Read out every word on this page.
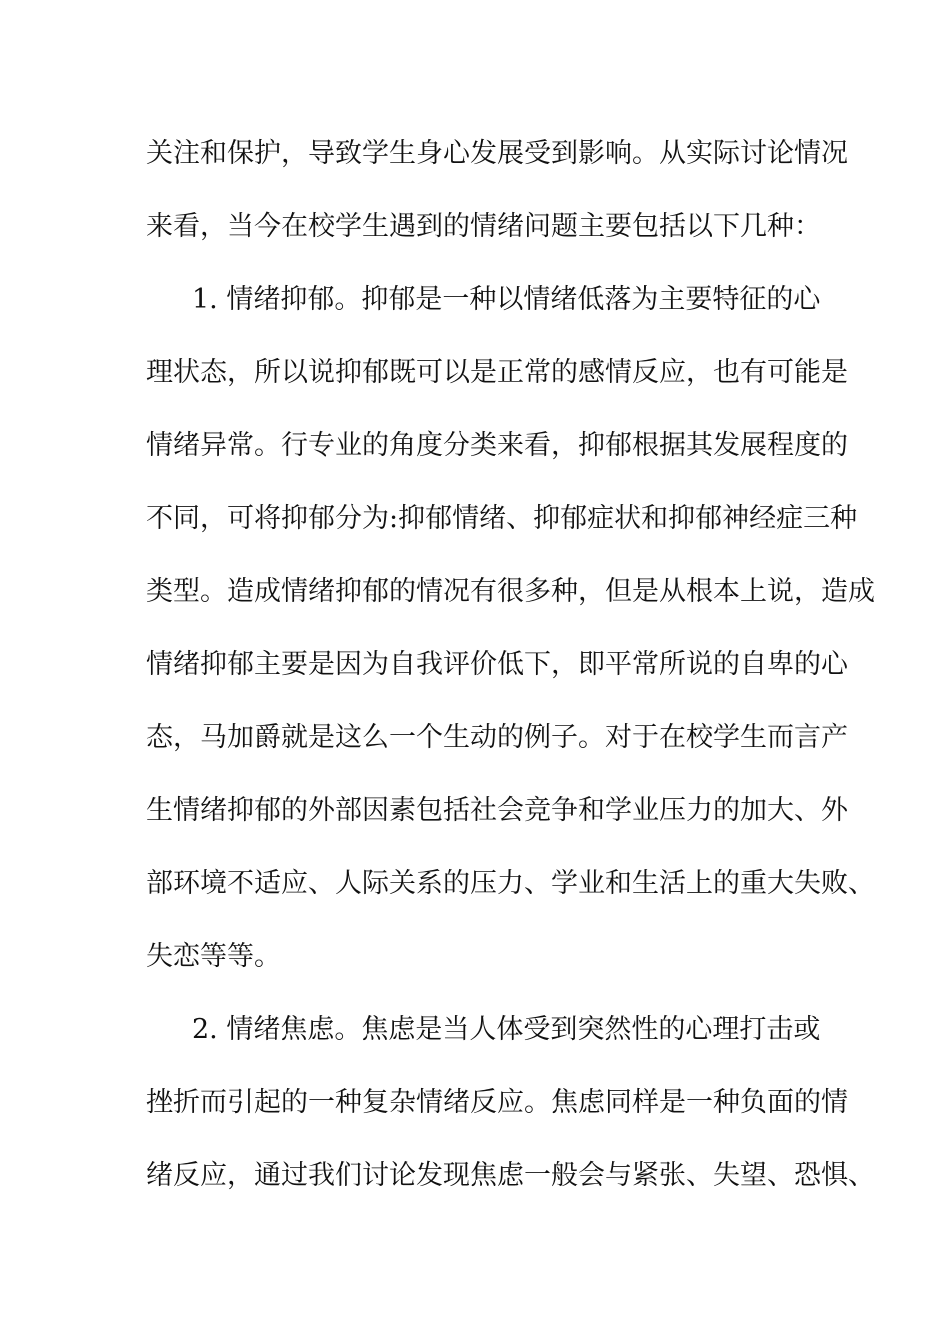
关注和保护，导致学生身心发展受到影响。从实际讨论情况
来看，当今在校学生遇到的情绪问题主要包括以下几种：
1. 情绪抑郁。抑郁是一种以情绪低落为主要特征的心
理状态，所以说抑郁既可以是正常的感情反应，也有可能是
情绪异常。行专业的角度分类来看，抑郁根据其发展程度的
不同，可将抑郁分为:抑郁情绪、抑郁症状和抑郁神经症三种
类型。造成情绪抑郁的情况有很多种，但是从根本上说，造成
情绪抑郁主要是因为自我评价低下，即平常所说的自卑的心
态，马加爵就是这么一个生动的例子。对于在校学生而言产
生情绪抑郁的外部因素包括社会竞争和学业压力的加大、外
部环境不适应、人际关系的压力、学业和生活上的重大失败、
失恋等等。
2. 情绪焦虑。焦虑是当人体受到突然性的心理打击或
挫折而引起的一种复杂情绪反应。焦虑同样是一种负面的情
绪反应，通过我们讨论发现焦虑一般会与紧张、失望、恐惧、
